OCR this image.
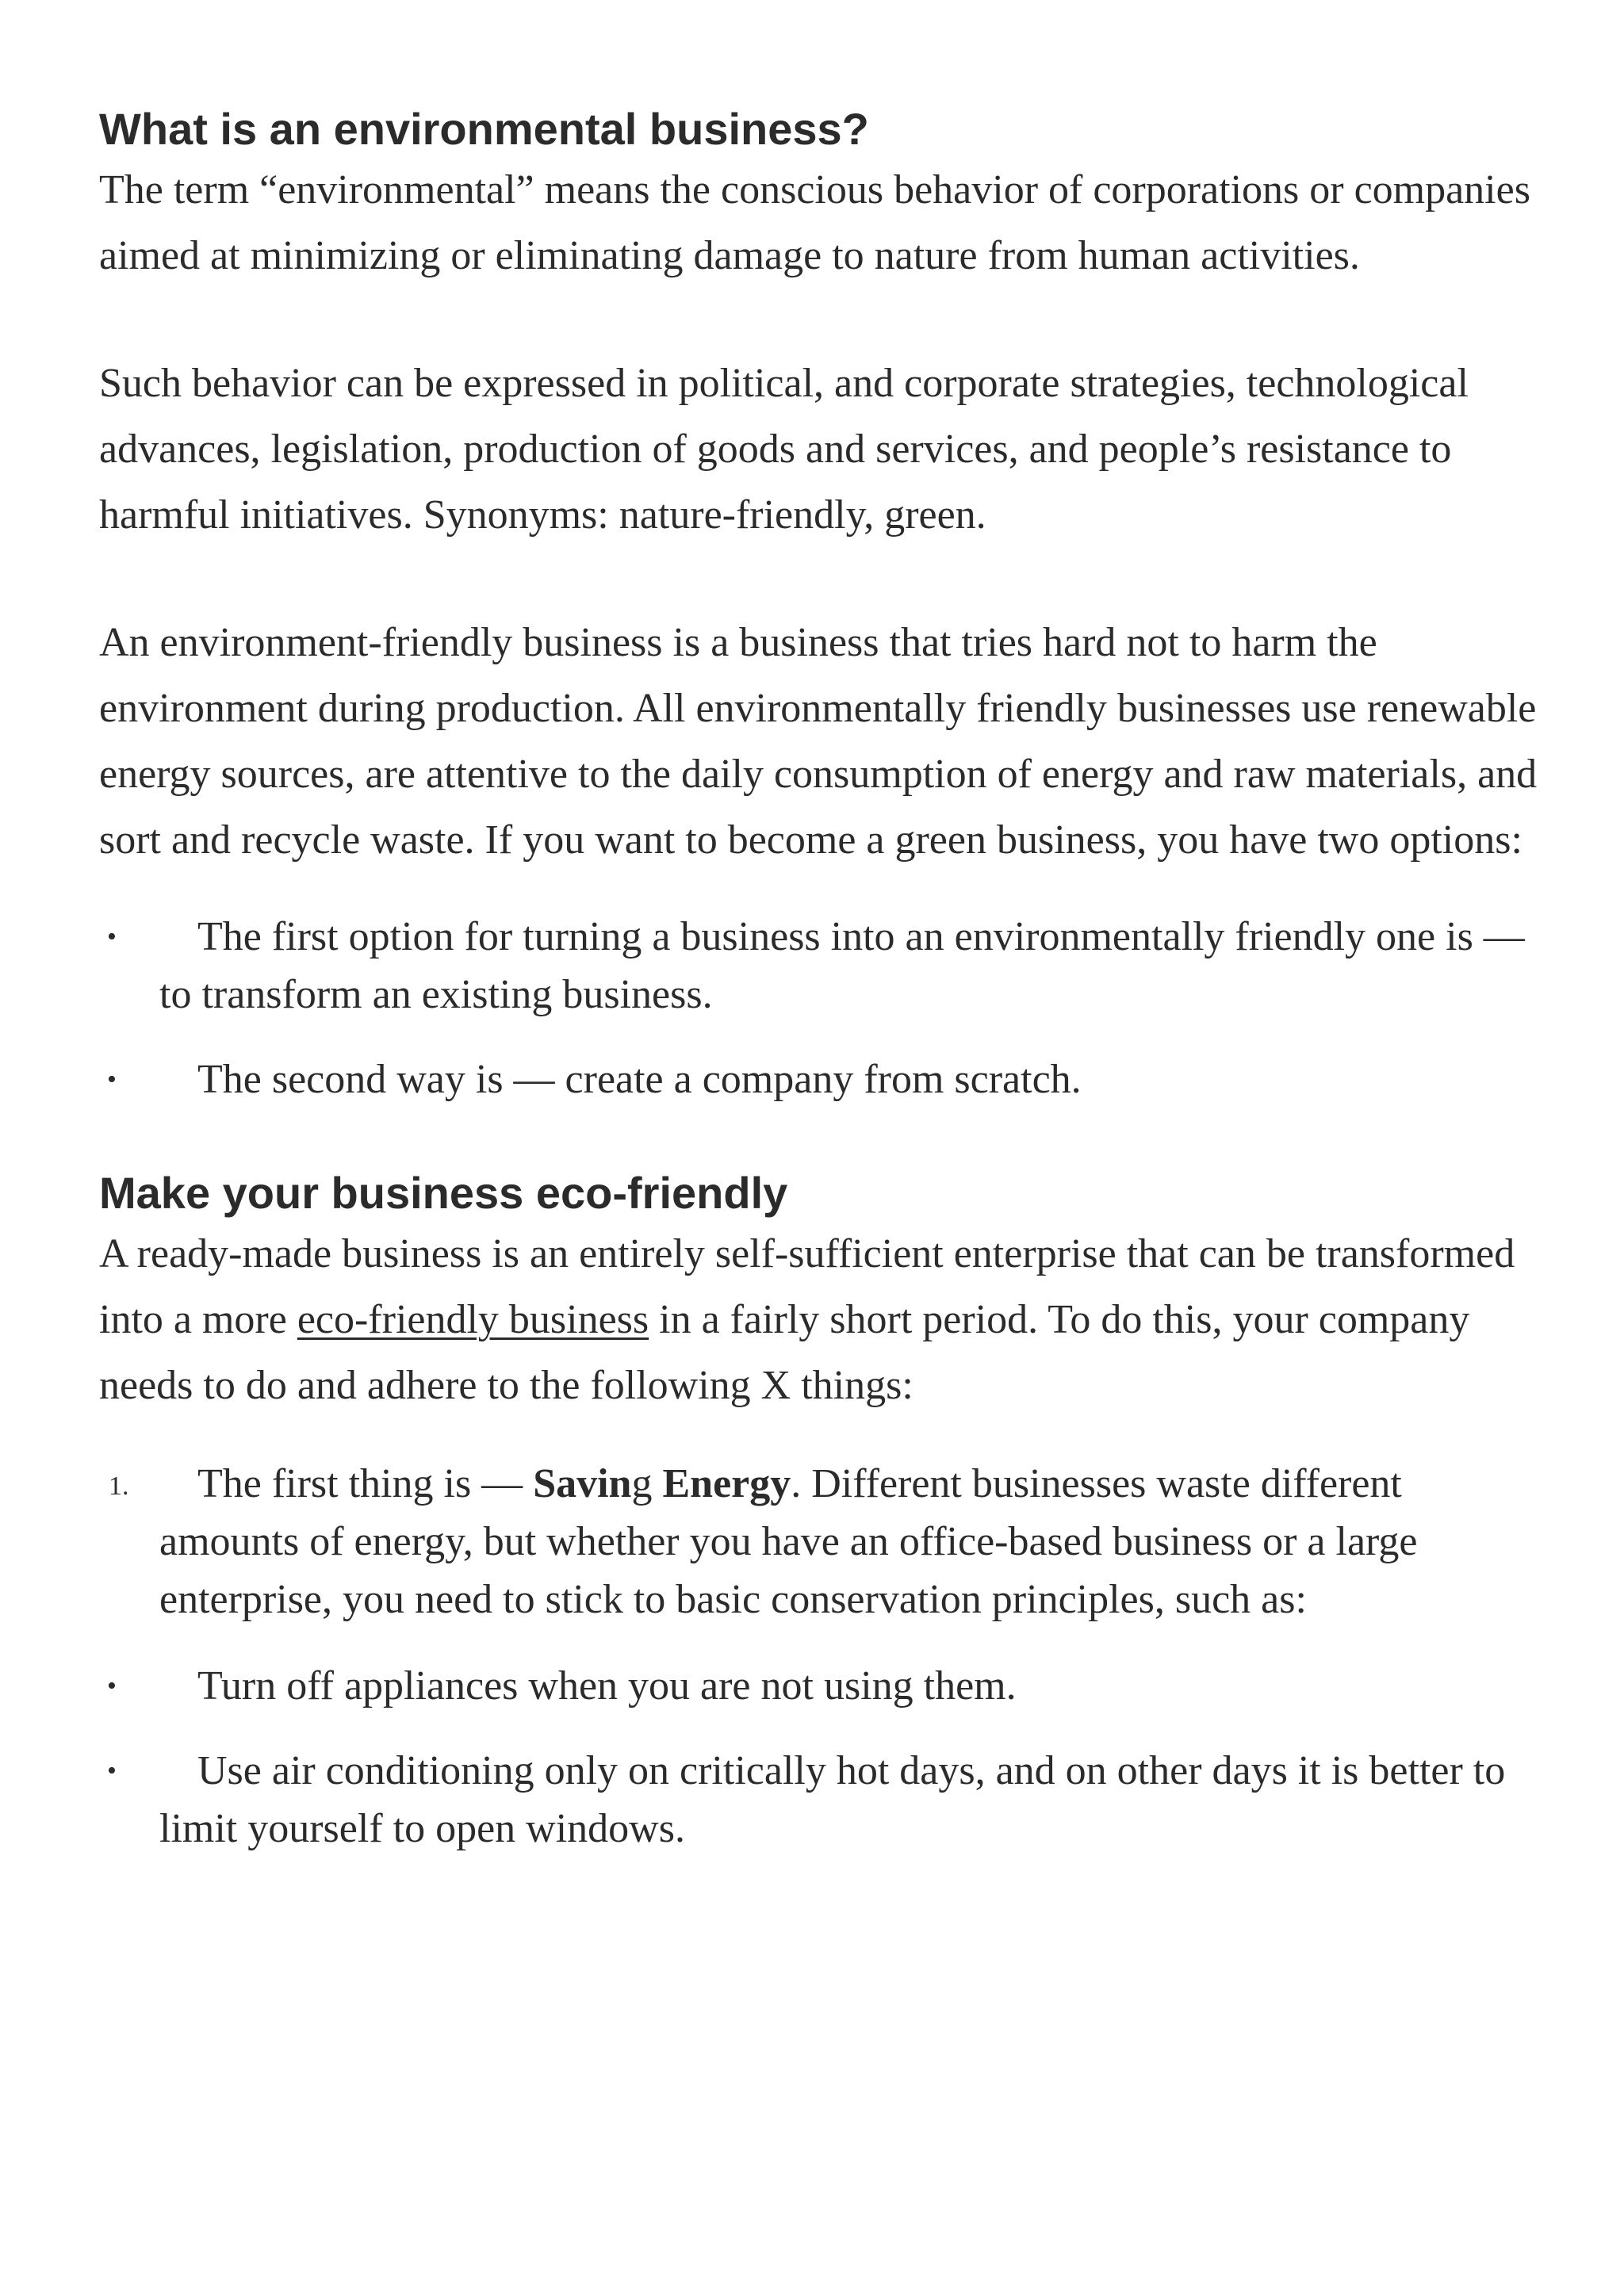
What is an environmental business?

The term “environmental” means the conscious behavior of corporations or companies aimed at minimizing or eliminating damage to nature from human activities.

Such behavior can be expressed in political, and corporate strategies, technological advances, legislation, production of goods and services, and people’s resistance to harmful initiatives. Synonyms: nature-friendly, green.

An environment-friendly business is a business that tries hard not to harm the environment during production. All environmentally friendly businesses use renewable energy sources, are attentive to the daily consumption of energy and raw materials, and sort and recycle waste. If you want to become a green business, you have two options:

• The first option for turning a business into an environmentally friendly one is — to transform an existing business.
• The second way is — create a company from scratch.
Make your business eco-friendly

A ready-made business is an entirely self-sufficient enterprise that can be transformed into a more eco-friendly business in a fairly short period. To do this, your company needs to do and adhere to the following X things:

1. The first thing is — Saving Energy. Different businesses waste different amounts of energy, but whether you have an office-based business or a large enterprise, you need to stick to basic conservation principles, such as:
• Turn off appliances when you are not using them.
• Use air conditioning only on critically hot days, and on other days it is better to limit yourself to open windows.
